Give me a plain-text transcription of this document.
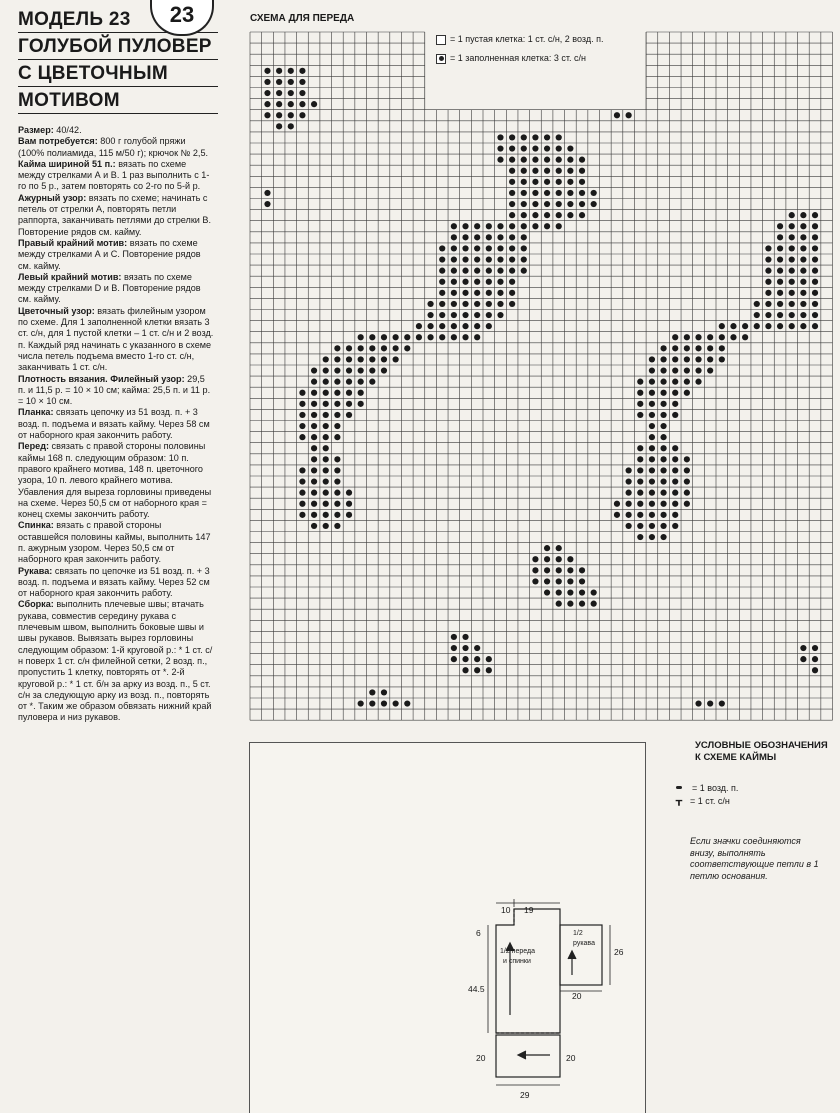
МОДЕЛЬ 23
ГОЛУБОЙ ПУЛОВЕР
С ЦВЕТОЧНЫМ
МОТИВОМ
23

Размер: 40/42.

Вам потребуется: 800 г голубой пряжи (100% полиамида, 115 м/50 г); крючок № 2,5.

Кайма шириной 51 п.: вязать по схеме между стрелками А и В. 1 раз выполнить с 1-го по 5 р., затем повторять со 2-го по 5-й р.

Ажурный узор: вязать по схеме; начинать с петель от стрелки А, повторять петли раппорта, заканчивать петлями до стрелки В. Повторение рядов см. кайму.

Правый крайний мотив: вязать по схеме между стрелками А и С. Повторение рядов см. кайму.

Левый крайний мотив: вязать по схеме между стрелками D и В. Повторение рядов см. кайму.

Цветочный узор: вязать филейным узором по схеме. Для 1 заполненной клетки вязать 3 ст. с/н, для 1 пустой клетки – 1 ст. с/н и 2 возд. п. Каждый ряд начинать с указанного в схеме числа петель подъема вместо 1-го ст. с/н, заканчивать 1 ст. с/н.

Плотность вязания. Филейный узор: 29,5 п. и 11,5 р. = 10 × 10 см; кайма: 25,5 п. и 11 р. = 10 × 10 см.

Планка: связать цепочку из 51 возд. п. + 3 возд. п. подъема и вязать кайму. Через 58 см от наборного края закончить работу.

Перед: связать с правой стороны половины каймы 168 п. следующим образом: 10 п. правого крайнего мотива, 148 п. цветочного узора, 10 п. левого крайнего мотива. Убавления для выреза горловины приведены на схеме. Через 50,5 см от наборного края = конец схемы закончить работу.

Спинка: вязать с правой стороны оставшейся половины каймы, выполнить 147 п. ажурным узором. Через 50,5 см от наборного края закончить работу.

Рукава: связать по цепочке из 51 возд. п. + 3 возд. п. подъема и вязать кайму. Через 52 см от наборного края закончить работу.

Сборка: выполнить плечевые швы; втачать рукава, совместив середину рукава с плечевым швом, выполнить боковые швы и швы рукавов. Вывязать вырез горловины следующим образом: 1-й круговой р.: * 1 ст. с/н поверх 1 ст. с/н филейной сетки, 2 возд. п., пропустить 1 клетку, повторять от *. 2-й круговой р.: * 1 ст. б/н за арку из возд. п., 5 ст. с/н за следующую арку из возд. п., повторять от *. Таким же образом обвязать нижний край пуловера и низ рукавов.

СХЕМА ДЛЯ ПЕРЕДА
= 1 пустая клетка: 1 ст. с/н, 2 возд. п.
= 1 заполненная клетка: 3 ст. с/н
10 19
6
44.5
1/2 переда
и спинки
1/2
рукава
26
20
20	20
29
УСЛОВНЫЕ ОБОЗНАЧЕНИЯ
К СХЕМЕ КАЙМЫ
= 1 возд. п.
ᚁ = 1 ст. с/н
Если значки соединяются внизу, выполнять соответствующие петли в 1 петлю основания.
